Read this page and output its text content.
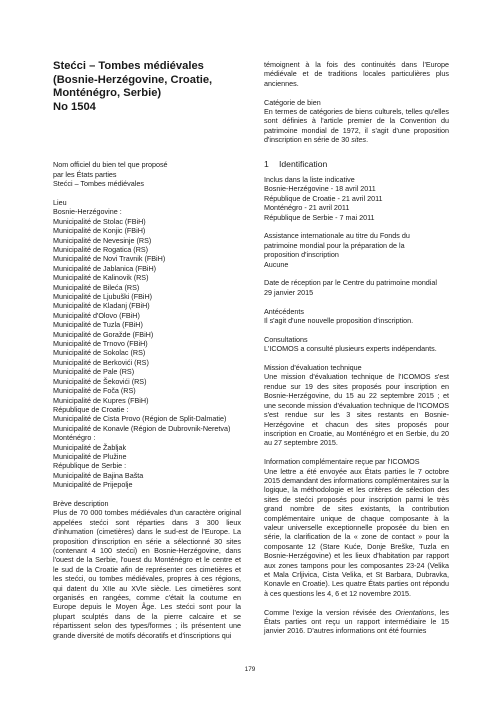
Stećci – Tombes médiévales
(Bosnie-Herzégovine, Croatie,
Monténégro, Serbie)
No 1504

Nom officiel du bien tel que proposé

par les États parties

Stećci – Tombes médiévales

Lieu

Bosnie-Herzégovine :
Municipalité de Stolac (FBiH)
Municipalité de Konjic (FBiH)
Municipalité de Nevesinje (RS)
Municipalité de Rogatica (RS)
Municipalité de Novi Travnik (FBiH)
Municipalité de Jablanica (FBiH)
Municipalité de Kalinovik (RS)
Municipalité de Bileća (RS)
Municipalité de Ljubuški (FBiH)
Municipalité de Kladanj (FBiH)
Municipalité d'Olovo (FBiH)
Municipalité de Tuzla (FBiH)
Municipalité de Goražde (FBiH)
Municipalité de Trnovo (FBiH)
Municipalité de Sokolac (RS)
Municipalité de Berkovići (RS)
Municipalité de Pale (RS)
Municipalité de Šekovići (RS)
Municipalité de Foča (RS)
Municipalité de Kupres (FBiH)
République de Croatie :
Municipalité de Cista Provo (Région de Split-Dalmatie)
Municipalité de Konavle (Région de Dubrovnik-Neretva)
Monténégro :
Municipalité de Žabljak
Municipalité de Plužine
République de Serbie :
Municipalité de Bajina Bašta
Municipalité de Prijepolje

Brève description

Plus de 70 000 tombes médiévales d'un caractère original appelées stećci sont réparties dans 3 300 lieux d'inhumation (cimetières) dans le sud-est de l'Europe. La proposition d'inscription en série a sélectionné 30 sites (contenant 4 100 stećci) en Bosnie-Herzégovine, dans l'ouest de la Serbie, l'ouest du Monténégro et le centre et le sud de la Croatie afin de représenter ces cimetières et les stećci, ou tombes médiévales, propres à ces régions, qui datent du XIIe au XVIe siècle. Les cimetières sont organisés en rangées, comme c'était la coutume en Europe depuis le Moyen Âge. Les stećci sont pour la plupart sculptés dans de la pierre calcaire et se répartissent selon des types/formes ; ils présentent une grande diversité de motifs décoratifs et d'inscriptions qui

témoignent à la fois des continuités dans l'Europe médiévale et de traditions locales particulières plus anciennes.

Catégorie de bien

En termes de catégories de biens culturels, telles qu'elles sont définies à l'article premier de la Convention du patrimoine mondial de 1972, il s'agit d'une proposition d'inscription en série de 30 sites.

1 Identification

Inclus dans la liste indicative

Bosnie-Herzégovine - 18 avril 2011

République de Croatie - 21 avril 2011

Monténégro - 21 avril 2011

République de Serbie - 7 mai 2011

Assistance internationale au titre du Fonds du

patrimoine mondial pour la préparation de la

proposition d'inscription

Aucune

Date de réception par le Centre du patrimoine mondial

29 janvier 2015

Antécédents

Il s'agit d'une nouvelle proposition d'inscription.

Consultations

L'ICOMOS a consulté plusieurs experts indépendants.

Mission d'évaluation technique

Une mission d'évaluation technique de l'ICOMOS s'est rendue sur 19 des sites proposés pour inscription en Bosnie-Herzégovine, du 15 au 22 septembre 2015 ; et une seconde mission d'évaluation technique de l'ICOMOS s'est rendue sur les 3 sites restants en Bosnie-Herzégovine et chacun des sites proposés pour inscription en Croatie, au Monténégro et en Serbie, du 20 au 27 septembre 2015.

Information complémentaire reçue par l'ICOMOS

Une lettre a été envoyée aux États parties le 7 octobre 2015 demandant des informations complémentaires sur la logique, la méthodologie et les critères de sélection des sites de stećci proposés pour inscription parmi le très grand nombre de sites existants, la contribution complémentaire unique de chaque composante à la valeur universelle exceptionnelle proposée du bien en série, la clarification de la « zone de contact » pour la composante 12 (Stare Kuće, Donje Breške, Tuzla en Bosnie-Herzégovine) et les lieux d'habitation par rapport aux zones tampons pour les composantes 23-24 (Velika et Mala Crljivica, Cista Velika, et St Barbara, Dubravka, Konavle en Croatie). Les quatre États parties ont répondu à ces questions les 4, 6 et 12 novembre 2015.

Comme l'exige la version révisée des Orientations, les États parties ont reçu un rapport intermédiaire le 15 janvier 2016. D'autres informations ont été fournies

179
